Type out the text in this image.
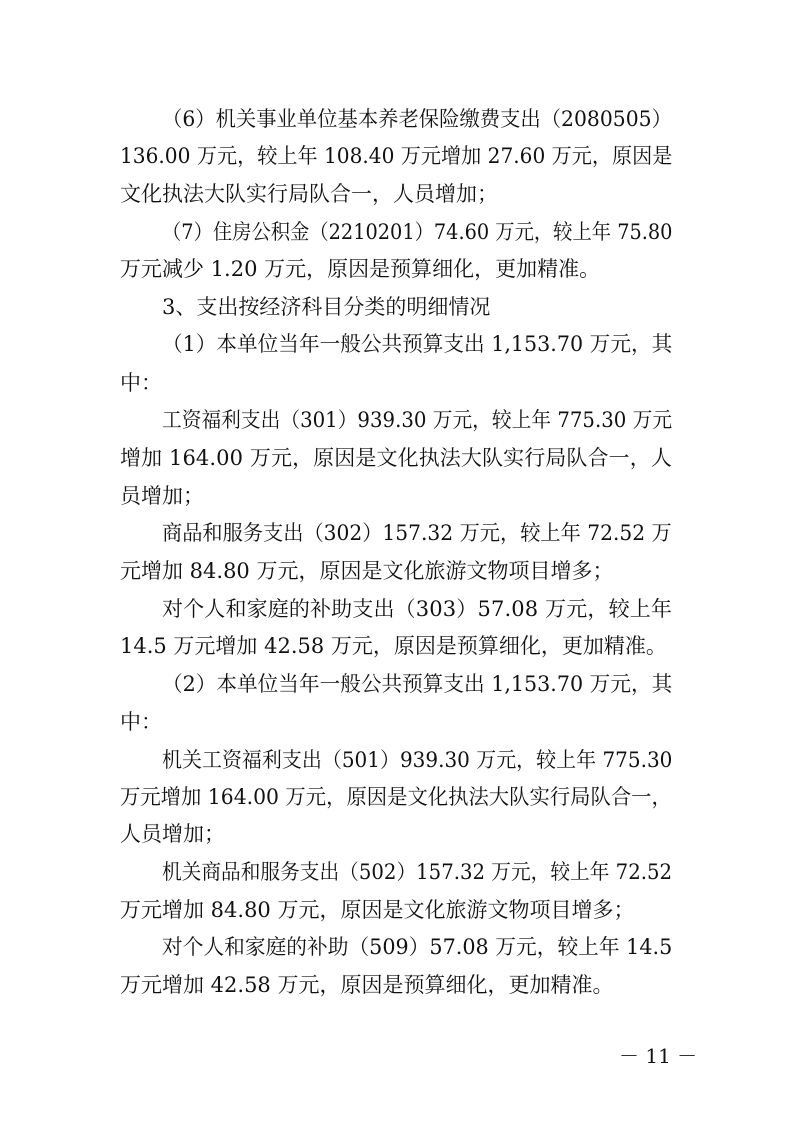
（6）机关事业单位基本养老保险缴费支出（2080505）
136.00 万元，较上年 108.40 万元增加 27.60 万元，原因是
文化执法大队实行局队合一，人员增加；
（7）住房公积金（2210201）74.60 万元，较上年 75.80
万元减少 1.20 万元，原因是预算细化，更加精准。
3、支出按经济科目分类的明细情况
（1）本单位当年一般公共预算支出 1,153.70 万元，其
中：
工资福利支出（301）939.30 万元，较上年 775.30 万元
增加 164.00 万元，原因是文化执法大队实行局队合一，人
员增加；
商品和服务支出（302）157.32 万元，较上年 72.52 万
元增加 84.80 万元，原因是文化旅游文物项目增多；
对个人和家庭的补助支出（303）57.08 万元，较上年
14.5 万元增加 42.58 万元，原因是预算细化，更加精准。
（2）本单位当年一般公共预算支出 1,153.70 万元，其
中：
机关工资福利支出（501）939.30 万元，较上年 775.30
万元增加 164.00 万元，原因是文化执法大队实行局队合一，
人员增加；
机关商品和服务支出（502）157.32 万元，较上年 72.52
万元增加 84.80 万元，原因是文化旅游文物项目增多；
对个人和家庭的补助（509）57.08 万元，较上年 14.5
万元增加 42.58 万元，原因是预算细化，更加精准。
－ 11 －
